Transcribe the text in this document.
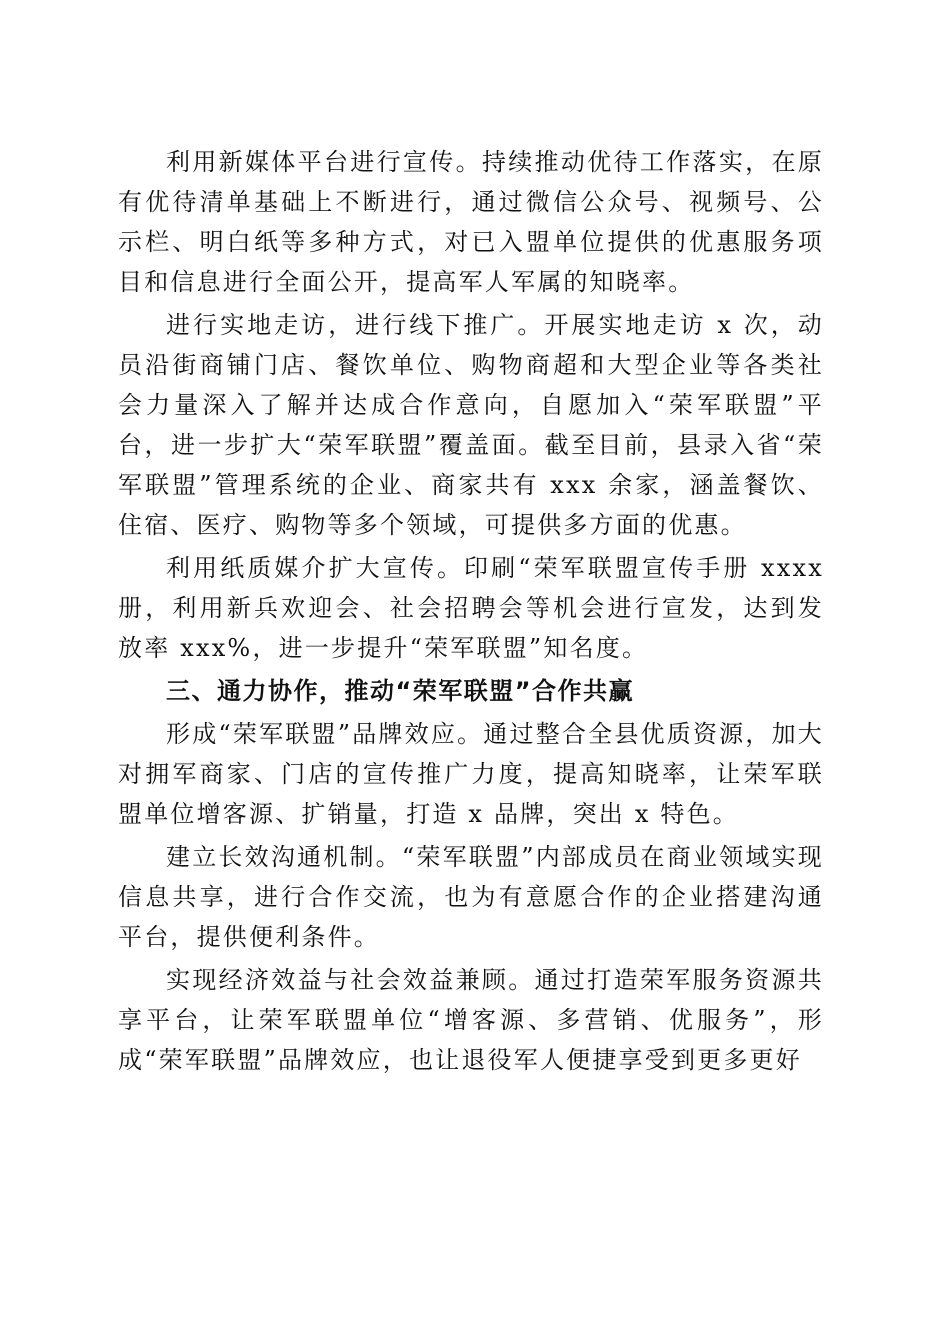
利用新媒体平台进行宣传。持续推动优待工作落实，在原有优待清单基础上不断进行，通过微信公众号、视频号、公示栏、明白纸等多种方式，对已入盟单位提供的优惠服务项目和信息进行全面公开，提高军人军属的知晓率。

进行实地走访，进行线下推广。开展实地走访 x 次，动员沿街商铺门店、餐饮单位、购物商超和大型企业等各类社会力量深入了解并达成合作意向，自愿加入“荣军联盟”平台，进一步扩大“荣军联盟”覆盖面。截至目前，县录入省“荣军联盟”管理系统的企业、商家共有 xxx 余家，涵盖餐饮、住宿、医疗、购物等多个领域，可提供多方面的优惠。

利用纸质媒介扩大宣传。印刷“荣军联盟宣传手册 xxxx 册，利用新兵欢迎会、社会招聘会等机会进行宣发，达到发放率 xxx%，进一步提升“荣军联盟”知名度。

三、通力协作，推动“荣军联盟”合作共赢

形成“荣军联盟”品牌效应。通过整合全县优质资源，加大对拥军商家、门店的宣传推广力度，提高知晓率，让荣军联盟单位增客源、扩销量，打造 x 品牌，突出 x 特色。

建立长效沟通机制。“荣军联盟”内部成员在商业领域实现信息共享，进行合作交流，也为有意愿合作的企业搭建沟通平台，提供便利条件。

实现经济效益与社会效益兼顾。通过打造荣军服务资源共享平台，让荣军联盟单位“增客源、多营销、优服务”，形成“荣军联盟”品牌效应，也让退役军人便捷享受到更多更好
